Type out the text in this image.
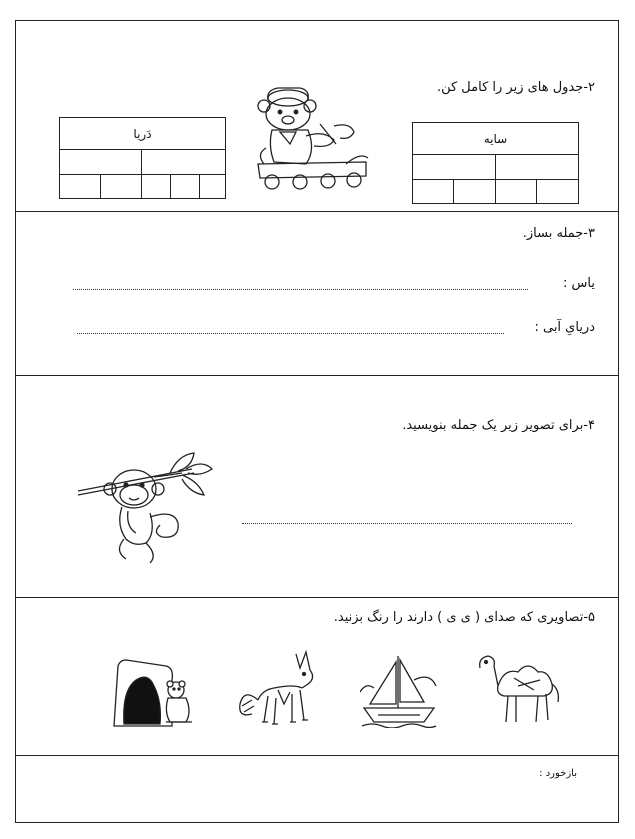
۲-جدول های زیر را کامل کن.
سایه			

دَریا				

۳-جمله بساز.
یاس :
دریایِ آبی :
۴-برای تصویر زیر یک جمله بنویسید.
۵-تصاویری که صدای ( ی ی ) دارند را رنگ بزنید.
بازخورد :
